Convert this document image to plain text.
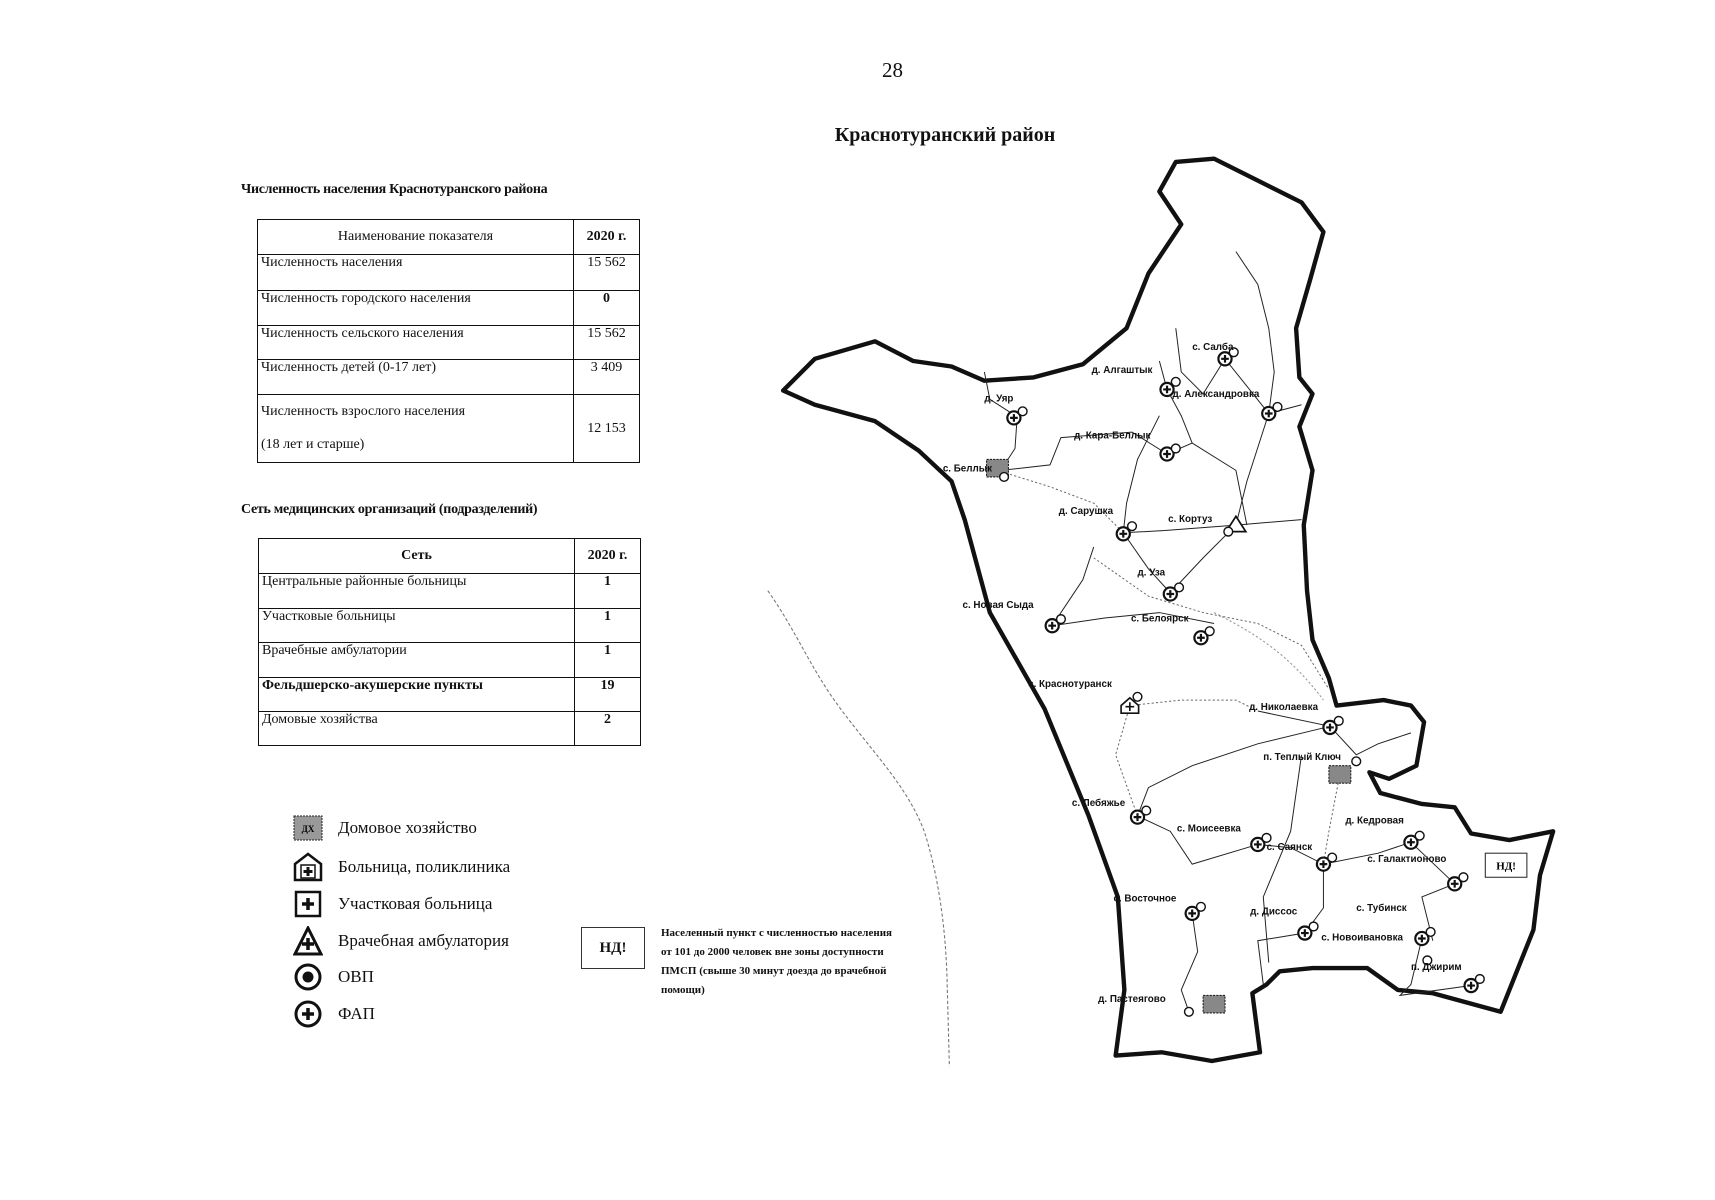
28
Краснотуранский район
Численность населения Краснотуранского района
Наименование показателя	2020 г.
Численность населения	15 562
Численность городского населения	0
Численность сельского населения	15 562
Численность детей (0-17 лет)	3 409
Численность взрослого населения
(18 лет и старше)	12 153
Сеть медицинских организаций (подразделений)
Сеть	2020 г.
Центральные районные больницы	1
Участковые больницы	1
Врачебные амбулатории	1
Фельдшерско-акушерские пункты	19
Домовые хозяйства	2
ДХ Домовое хозяйство
Больница, поликлиника
Участковая больница
Врачебная амбулатория
ОВП
ФАП
НД!
Населенный пункт с численностью населения от 101 до 2000 человек вне зоны доступности ПМСП (свыше 30 минут доезда до врачебной помощи)
НД!
с. Салба
д. Алгаштык
д. Александровка
д. Уяр
д. Кара-Беллык
с. Беллык
д. Сарушка
с. Кортуз
д. Уза
с. Новая Сыда
с. Белоярск
с. Краснотуранск
д. Николаевка
п. Теплый Ключ
с. Лебяжье
с. Моисеевка
с. Саянск
д. Кедровая
с. Галактионово
с. Восточное
д. Диссос	с. Тубинск
с. Новоивановка
п. Джирим
д. Пастеягово
